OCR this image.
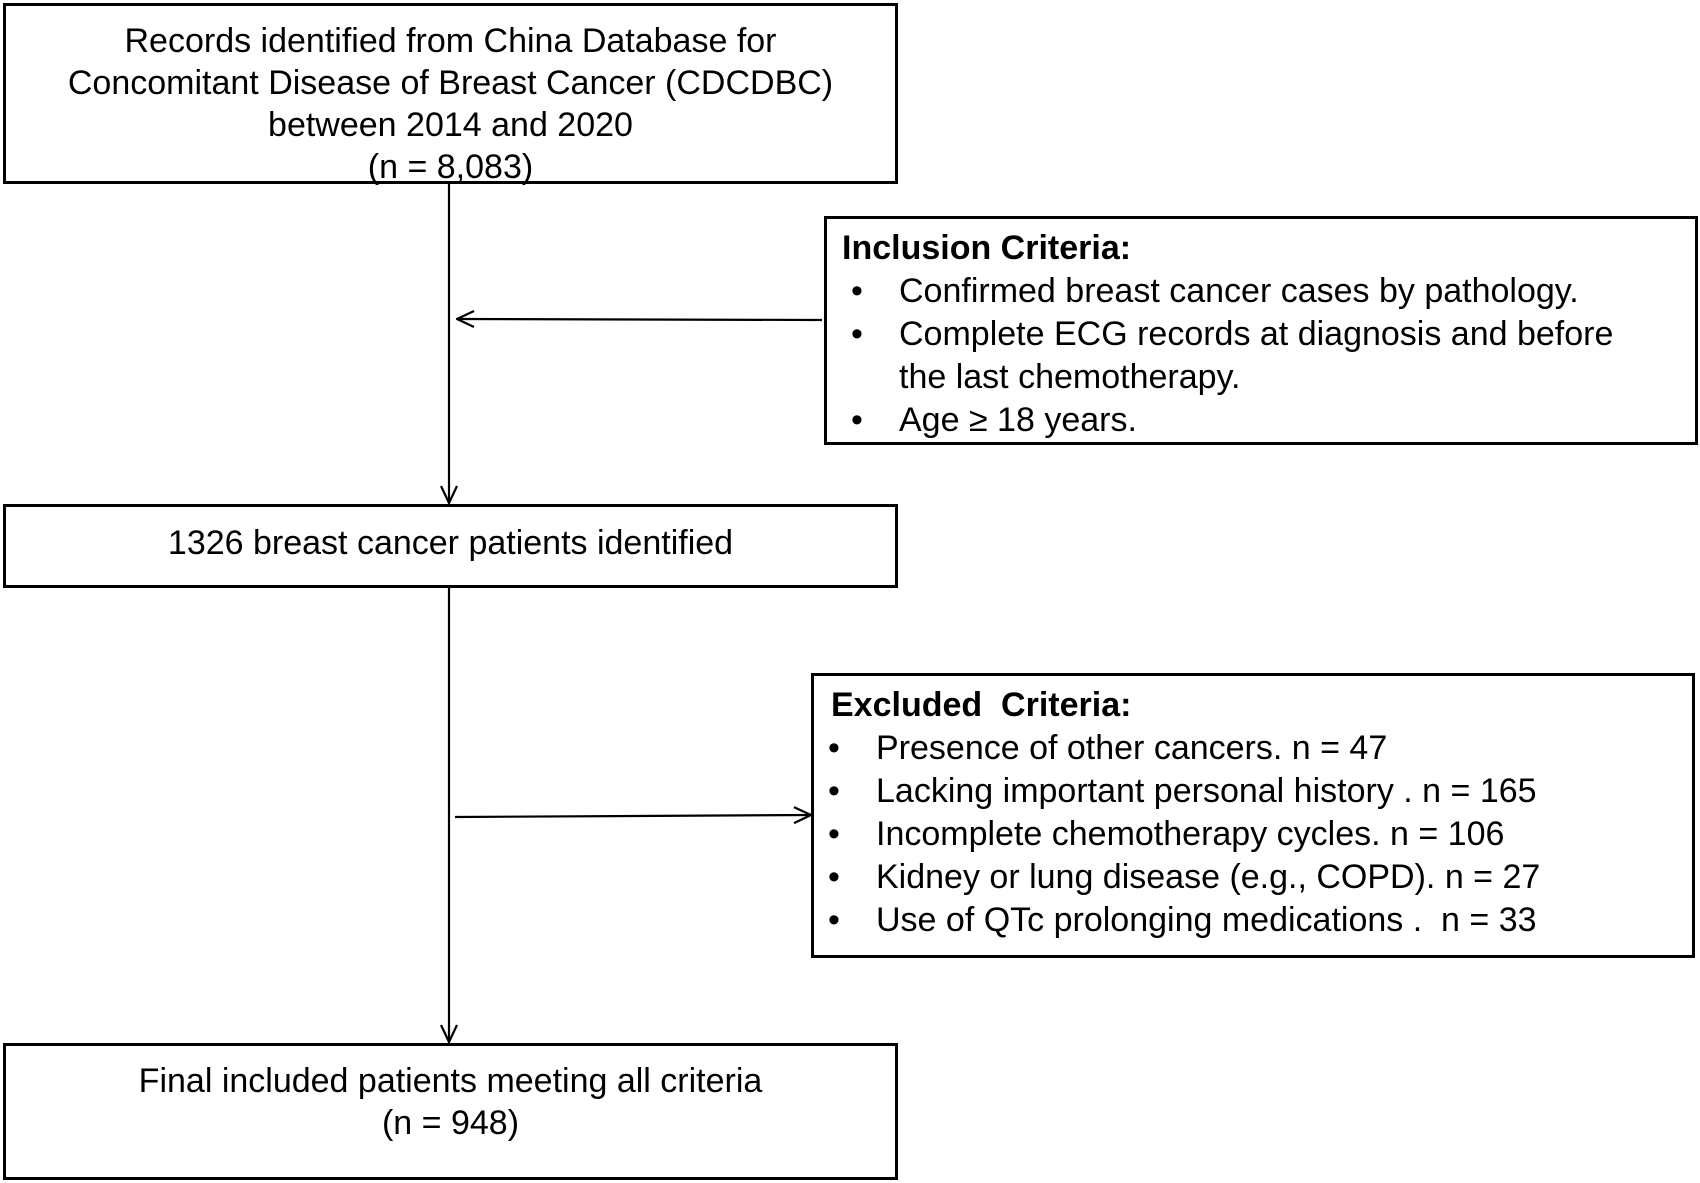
Records identified from China Database for
Concomitant Disease of Breast Cancer (CDCDBC)
between 2014 and 2020
(n = 8,083)
Inclusion Criteria:
• Confirmed breast cancer cases by pathology.
• Complete ECG records at diagnosis and before the last chemotherapy.
• Age ≥ 18 years.
1326 breast cancer patients identified
Excluded  Criteria:
• Presence of other cancers. n = 47
• Lacking important personal history . n = 165
• Incomplete chemotherapy cycles. n = 106
• Kidney or lung disease (e.g., COPD). n = 27
• Use of QTc prolonging medications .  n = 33
Final included patients meeting all criteria
(n = 948)
